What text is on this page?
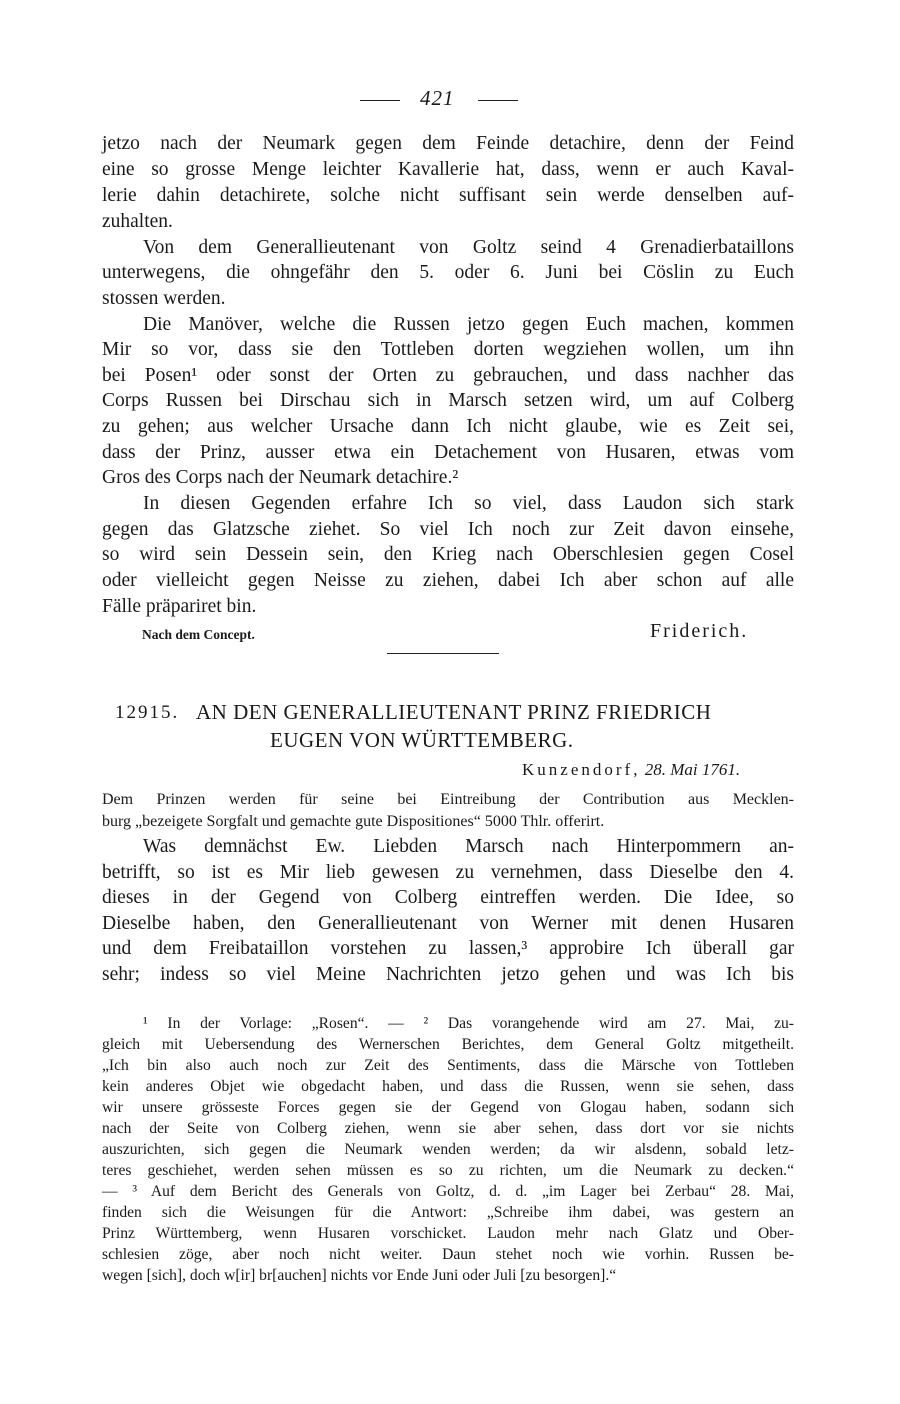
421
jetzo nach der Neumark gegen dem Feinde detachire, denn der Feind
eine so grosse Menge leichter Kavallerie hat, dass, wenn er auch Kaval-
lerie dahin detachirete, solche nicht suffisant sein werde denselben auf-
zuhalten.
Von dem Generallieutenant von Goltz seind 4 Grenadierbataillons
unterwegens, die ohngefähr den 5. oder 6. Juni bei Cöslin zu Euch
stossen werden.
Die Manöver, welche die Russen jetzo gegen Euch machen, kommen
Mir so vor, dass sie den Tottleben dorten wegziehen wollen, um ihn
bei Posen¹ oder sonst der Orten zu gebrauchen, und dass nachher das
Corps Russen bei Dirschau sich in Marsch setzen wird, um auf Colberg
zu gehen; aus welcher Ursache dann Ich nicht glaube, wie es Zeit sei,
dass der Prinz, ausser etwa ein Detachement von Husaren, etwas vom
Gros des Corps nach der Neumark detachire.²
In diesen Gegenden erfahre Ich so viel, dass Laudon sich stark
gegen das Glatzsche ziehet. So viel Ich noch zur Zeit davon einsehe,
so wird sein Dessein sein, den Krieg nach Oberschlesien gegen Cosel
oder vielleicht gegen Neisse zu ziehen, dabei Ich aber schon auf alle
Fälle präpariret bin.
Nach dem Concept.	Friderich.
12915. AN DEN GENERALLIEUTENANT PRINZ FRIEDRICH
EUGEN VON WÜRTTEMBERG.
Kunzendorf, 28. Mai 1761.
Dem Prinzen werden für seine bei Eintreibung der Contribution aus Mecklen-
burg „bezeigete Sorgfalt und gemachte gute Dispositiones“ 5000 Thlr. offerirt.
Was demnächst Ew. Liebden Marsch nach Hinterpommern an-
betrifft, so ist es Mir lieb gewesen zu vernehmen, dass Dieselbe den 4.
dieses in der Gegend von Colberg eintreffen werden. Die Idee, so
Dieselbe haben, den Generallieutenant von Werner mit denen Husaren
und dem Freibataillon vorstehen zu lassen,³ approbire Ich überall gar
sehr; indess so viel Meine Nachrichten jetzo gehen und was Ich bis
¹ In der Vorlage: „Rosen“. — ² Das vorangehende wird am 27. Mai, zu-
gleich mit Uebersendung des Wernerschen Berichtes, dem General Goltz mitgetheilt.
„Ich bin also auch noch zur Zeit des Sentiments, dass die Märsche von Tottleben
kein anderes Objet wie obgedacht haben, und dass die Russen, wenn sie sehen, dass
wir unsere grösseste Forces gegen sie der Gegend von Glogau haben, sodann sich
nach der Seite von Colberg ziehen, wenn sie aber sehen, dass dort vor sie nichts
auszurichten, sich gegen die Neumark wenden werden; da wir alsdenn, sobald letz-
teres geschiehet, werden sehen müssen es so zu richten, um die Neumark zu decken.“
— ³ Auf dem Bericht des Generals von Goltz, d. d. „im Lager bei Zerbau“ 28. Mai,
finden sich die Weisungen für die Antwort: „Schreibe ihm dabei, was gestern an
Prinz Württemberg, wenn Husaren vorschicket. Laudon mehr nach Glatz und Ober-
schlesien zöge, aber noch nicht weiter. Daun stehet noch wie vorhin. Russen be-
wegen [sich], doch w[ir] br[auchen] nichts vor Ende Juni oder Juli [zu besorgen].“
